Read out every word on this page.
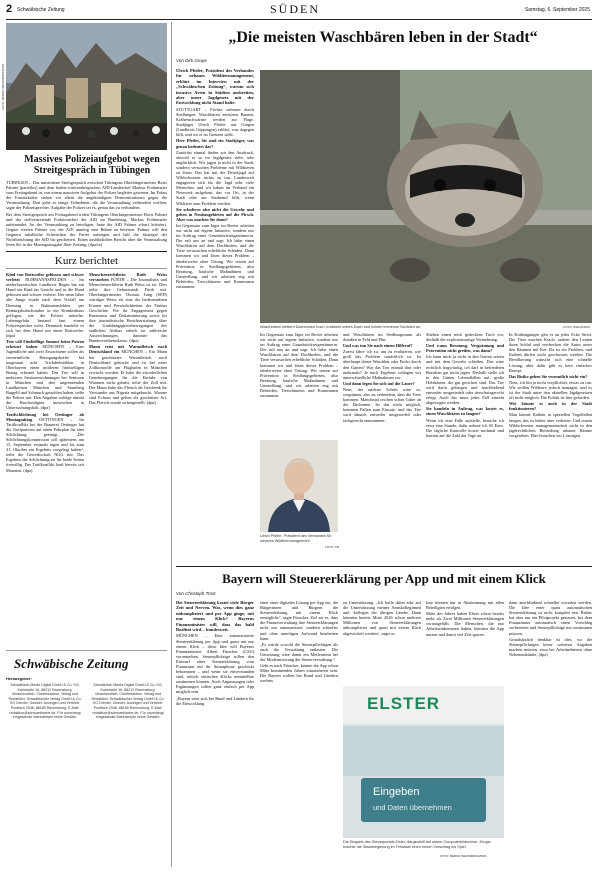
2 Schwäbische Zeitung	SÜDEN	Samstag, 6. September 2025
FOTO: BERND WEISSBROD/DPA
Massives Polizeiaufgebot wegen Streitgespräch in Tübingen

TÜBINGEN – Das umstrittene Streitgespräch zwischen Tübingens Oberbürgermeister Boris Palmer (parteilos) und dem baden-württembergischen AfD-Landeschef Markus Frohnmaier vom Freitagabend ist von einem massiven Aufgebot der Polizei begleitet gewesen. Im Fokus der Einsatzkräfte stehen vor allem die angekündigten Demonstrationen gegen die Veranstaltung. Dort gebe es einige Teilnehmer, die die Veranstaltung verhindern wollten, sagte der Polizeisprecher. Aufgabe der Polizei sei es, genau das zu verhindern.

Bei dem Streitgespräch am Freitagabend trafen Tübingens Oberbürgermeister Boris Palmer und der stellvertretende Fraktionschef der AfD im Bundestag, Markus Frohnmaier aufeinander. An der Veranstaltung zu beteiligen, hatte die AfD Palmer scharf kritisiert. Gegner werfen Palmer vor, der AfD unnötig eine Bühne zu bereiten. Palmer will den Gegnern inhaltliche Schwächen der Partei aufzeigen und hält die Strategie der Nichtbeachtung der AfD für gescheitert. Einen ausführlichen Bericht über die Veranstaltung lesen Sie in der Montagsausgabe Ihrer Zeitung. (dpa/sz)

Kurz berichtet

Kind von Rottweiler gebissen und schwer verletzt RUHMANNSFELDEN – Im niederbayerischen Landkreis Regen hat ein Hund ein Kind ins Gesicht und in die Hand gebissen und schwer verletzt. Der neun Jahre alte Junge wurde nach dem Vorfall am Dienstag in Ruhmannsfelden per Rettungshubschrauber in ein Krankenhaus geflogen, wie die Polizei mitteilte. Lebensgefahr bestand laut einem Polizeisprecher nicht. Demnach handelte es sich bei dem Hund um einen Rottweiler. (dpa)

Trio will Fünftelliige Summe beim Putzen erbeutet haben MÜNCHEN – Eine Jugendliche und zwei Erwachsene sollen als vermeintliche Reinigungskräfte bei insgesamt acht Trickdiebstählen in Oberbayern einen mittleren fünfstelligen Betrag erbeutet haben. Das Trio soll in mehreren Seniorenwohnungen bei Senioren in München und den angrenzenden Landkreisen München und Starnberg Bargeld und Schmuck gestohlen haben, teilte die Polizei mit. Den Angaben zufolge nimmt die Beschuldigten inzwischen in Untersuchungshaft. (dpa)

Tarifschlichtung bei Oettinger ab Montagmittag OETTINGEN – Im Tarifkonflikt bei der Brauerei Oettinger hat die Tarifparteien auf einen Fahrplan für eine Schlichtung geeinigt. „Die Schlichtungskommission soll spätestens am 15. September erstmals tagen und bis zum 31. Oktober ein Ergebnis vorgelegt haben“, teilte die Gewerkschaft NGG mit. Das Ergebnis der Schlichtung sei für beide Seiten freiwillig. Der Tarifkonflikt läuft bereits seit Monaten. (dpa)

Menschenrechtlerin Ruth Weiss verstorben FÜRTH – Die Journalistin und Menschenrechtlerin Ruth Weiss ist tot. Dies teilte ihre Geburtsstadt Fürth mit. Oberbürgermeister Thomas Jung (SPD) würdigte Weiss als eine der bedeutendsten Frauen und Persönlichkeiten der Fürther Geschichte. Für ihr Engagement gegen Rassismus und Diskriminierung sowie für ihre journalistische Berichterstattung über die Unabhängigkeitsbewegungen des südlichen Afrikas erhielt sie zahlreiche Auszeichnungen, darunter das Bundesverdienstkreuz. (dpa)

Mann reist mit Waranfleisch nach Deutschland ein MÜNCHEN – Ein Mann hat geschütztes Waranfleisch nach Deutschland gebracht und ist bei einer Zollkontrolle am Flughafen in München erwischt worden. Er habe die erforderlichen Genehmigungen für die Einfuhr von Waranen nicht gehabt, teilte der Zoll mit. Der Mann habe das Fleisch als Geschenk für Verwandte aus Nigeria mitgebracht. Warane sind Echsen und gelten als geschützte Art. Das Fleisch wurde sichergestellt. (dpa)

Schwäbische Zeitung
Herausgeber:
Schwäbisch Media Digital GmbH & Co. KG, Karlstraße 16, 88212 Ravensburg. Verantwortlich: Chefredakteur. Verlag und Redaktion: Schwäbischer Verlag GmbH & Co. KG Drexler, Gessler. Anzeigen und Vertrieb: Postfach 2946, 88189 Ravensburg. E-Mail: redaktion@schwaebische.de. Für unverlangt eingesandte Manuskripte keine Gewähr.
Schwäbisch Media Digital GmbH & Co. KG, Karlstraße 16, 88212 Ravensburg. Verantwortlich: Chefredakteur. Verlag und Redaktion: Schwäbischer Verlag GmbH & Co. KG Drexler, Gessler. Anzeigen und Vertrieb: Postfach 2946, 88189 Ravensburg. E-Mail: redaktion@schwaebische.de. Für unverlangt eingesandte Manuskripte keine Gewähr.
„Die meisten Waschbären leben in der Stadt“
Von Dirk Grupe

Ulrich Pfeifer, Präsident des Verbandes für urbanes Wildtiermanagement, erklärt im Interview mit der „Schwäbischen Zeitung“, warum sich invasive Arten in Städten ausbreiten, aber unser Jagdgesetz mit der Entwicklung nicht Stand halte.

STUTTGART – Füchse streunen durch Siedlungen, Waschbären zerstören Bauten, Krähenschwärme werden zur Plage. Stadtjäger Ulrich Pfeifer aus Gingen (Landkreis Göppingen) erklärt, was dagegen hilft, und wo er an Grenzen stößt.

Herr Pfeifer, Sie sind ein Stadtjäger, was genau bedeutet das?

Zunächst einmal finden wir den Ausdruck, obwohl er so im Jagdgesetz steht, sehr unglücklich. Wir jagen ja nicht in der Stadt, sondern versuchen Probleme mit Wildtieren zu lösen. Das hat mit der Drückjagd auf Wildschweine nichts zu tun. Landesweit engagieren sich für die Jagd sehr viele Menschen, und wir haben im Verband ein Netzwerk aufgebaut, das vor Ort, in der Stadt oder am Stadtrand hilft, wenn Wildtiere zum Problem werden.

Sie schultern also nicht die Gewehr und gehen in Neubaugebieten auf die Pirsch. Aber was machen Sie dann?

Im Gegensatz zum Jäger im Revier arbeiten wir nicht auf eigene Initiative, sondern nur im Auftrag einer Grundstückseigentümerin. Der ruft uns an und sagt: Ich habe einen Waschbären auf dem Dachboden, und die Tiere verursachen erhebliche Schäden. Dann kommen wir und lösen dieses Problem – idealerweise ohne Tötung. Wir setzen auf Prävention in Siedlungsgebieten, also Beratung, bauliche Maßnahmen und Umsiedlung, und wir arbeiten eng mit Behörden, Tierschützern und Kommunen zusammen.

Waschbären klettern Dachrinnen hoch, krabbeln unters Dach und richten immense Schäden an.	FOTO: IMAGO/DPA
Ulrich Pfeifer, Präsident des Verbandes für urbanes Wildtiermanagement.
FOTO: PR

Im Gegensatz zum Jäger im Revier arbeiten wir nicht auf eigene Initiative, sondern nur im Auftrag einer Grundstückseigentümerin. Der ruft uns an und sagt: Ich habe einen Waschbären auf dem Dachboden, und die Tiere verursachen erhebliche Schäden. Dann kommen wir und lösen dieses Problem – idealerweise ohne Tötung. Wir setzen auf Prävention in Siedlungsgebieten, also Beratung, bauliche Maßnahmen und Umsiedlung, und wir arbeiten eng mit Behörden, Tierschützern und Kommunen zusammen.

und Waschbären im Siedlungsraum als draußen in Feld und Flur.

Und was tun Sie nach einem Hilferuf?

Zuerst fahre ich zu, um zu evaluieren, wie groß das Problem tatsächlich ist. Ist überhaupt dieser Waschbär oder Fuchs durch den Garten? War das Tier einmal dort oder mehrmals? Je nach Ergebnis schlagen wir unterschiedliche Maßnahmen vor.

Und dann legen Sie sich auf die Lauer?

Nein, der nächste Schritt wäre es, vergrämen, also zu verhindern, dass die Tiere kommen. Manchmal reichen schon Gitter an der Dachrinne. Ist das nicht möglich, kommen Fallen zum Einsatz, und das Tier wird danach entweder umgesiedelt oder fachgerecht entnommen.

Städten einen reich gedeckten Tisch vor, deshalb die explosionsartige Vermehrung.

Und wann Beratung, Vergrämung und Prävention nicht greifen, was dann?

Ich kann mich ja nicht in den Garten setzen und mit dem Gewehr schießen. Das wäre rechtlich fragwürdig, ich darf in befriedeten Bezirken gar nicht jagen. Deshalb stelle ich in den Gärten Lebendfallen auf, große Holzkästen, die gut gesichert sind. Das Tier wird darin gefangen und anschließend entweder umgesiedelt oder tierschutzgerecht erlegt. Auch das muss jeder Fall einzeln abgewogen werden.

Sie handeln in Auftrag, was kostet es, einen Waschbären zu fangen?

Wenn ich eine Falle aufstelle, brauche ich etwa eine Stunde, dafür nehme ich 65 Euro. Die tägliche Kontrolle kostet nochmal und kommt auf die Zahl der Tage an.

In Krähengängen gibt es an jeder Ecke Streit. Die Tiere machen Krach, rauben den Leuten ihren Schlaf und verdrecken die Autos unter den Bäumen mit Kot. Da ist ein Problem, und Krähen dürfen nicht geschossen werden. Die Bevölkerung wünscht sich eine schnelle Lösung, aber dafür gibt es kein einfaches Rezept.

Das Risiko gehen Sie vermutlich nicht ein?

Nein, ich bin ja nicht verpflichtet, etwas zu tun. Wir wollen Wildtiere jedoch managen, und es ist der Stadt unter den aktuellen Jagdgesetzen oft nicht möglich. Die Politik ist hier gefordert.

Wie könnte es auch in der Stadt funktionieren?

Man könnte Krähen in speziellen Vogelfallen fangen, das ist bisher aber verboten. Und einem Wildschweine managementarbeit nicht in den jagdrechtlichen Befriedung urbaner Räume vorgesehen. Hier brauchen wir Lösungen.

Bayern will Steuererklärung per App und mit einem Klick
Von Christoph Trost

Die Steuererklärung kostet viele Bürger Zeit und Nerven. Was, wenn dies ganz unkompliziert und per App ginge, mit nur einem Klick? Bayerns Finanzminister will, dass das bald Realität wird – bundesweit.

MÜNCHEN – Eine automatisierte Steuererklärung per App und quasi mit nur einem Klick – diese Idee will Bayerns Finanzminister Albert Füracker (CSU) vorantreiben. Steuerpflichtige sollen den Entwurf einer Steuererklärung vom Finanzamt auf ihr Smartphone geschickt bekommen – und wenn sie einverstanden sind, mittels einfachen Klicks unmittelbar zustimmen können. Auch Anpassungen oder Ergänzungen sollen ganz einfach per App möglich sein.

„Bayern setzt sich bei Bund und Ländern für die Entwicklung

einer einer digitalen Lösung per App ein, die Bürgerinnen und Bürgern die Steuererklärung mit einem Klick ermöglicht“, sagte Füracker. Ziel sei es, dass die Finanzverwaltung ihre Steuererklärungen nicht nur automatisiert, sondern schneller und ohne unnötigen Aufwand bearbeiten kann.

„Es würde sowohl die Steuerpflichtigen als auch die Verwaltung entlasten. Die Umsetzung wäre damit ein Meilenstein bei der Modernisierung der Steuerverwaltung.“

Geht es nach Füracker, könnte die App schon Mitte kommenden Jahres einsatzbereit sein. Die Bayern wollen bei Bund und Ländern werben.

zu Unterstützung. „Ich hoffe daher sehr auf die Unterstützung meiner Amtskolleginnen und -kollegen der übrigen Länder. Dann könnten bereits Mitte 2026 schon mehrere Millionen von Steuererklärungen unkompliziert und quasi mit einem Klick abgewickelt werden“, sagte er.

lose können nur in Abstimmung mit allen Beteiligten erfolgen.

Mitte des Jahres haben Elster schon bereits mehr als Zwei Millionen Steuererklärungen vorausgefüllt. Die Menschen, die nur Arbeitseinkommen haben, könnten die App nutzen und damit viel Zeit sparen.

dann anschließend schneller erwerbst werden. Die Idee einer quasi automatischen Steuererklärung ist nicht komplett neu. Bisher hat aber nur ein Pilotprojekt gestartet, bei dem Finanzämter automatisch einen Vorschlag vorbereiten und Steuerpflichtige nur zustimmen müssen.

Grundsätzlich denkbar ist dies, wo die Steuerpflichtigen keine weiteren Angaben machen müssen, etwa bei Arbeitnehmern ohne Nebeneinkünfte. (dpa)

ELSTER
Eingeben
und Daten übernehmen
Die Eingabe des Steuerportals Elster, dargestellt auf einem Computerbildschirm. Jüngst brachte die Staatsregierung im Freistaat einen neuen Vorschlag ins Spiel.
FOTO: BERND WEISSBROD/DPA
